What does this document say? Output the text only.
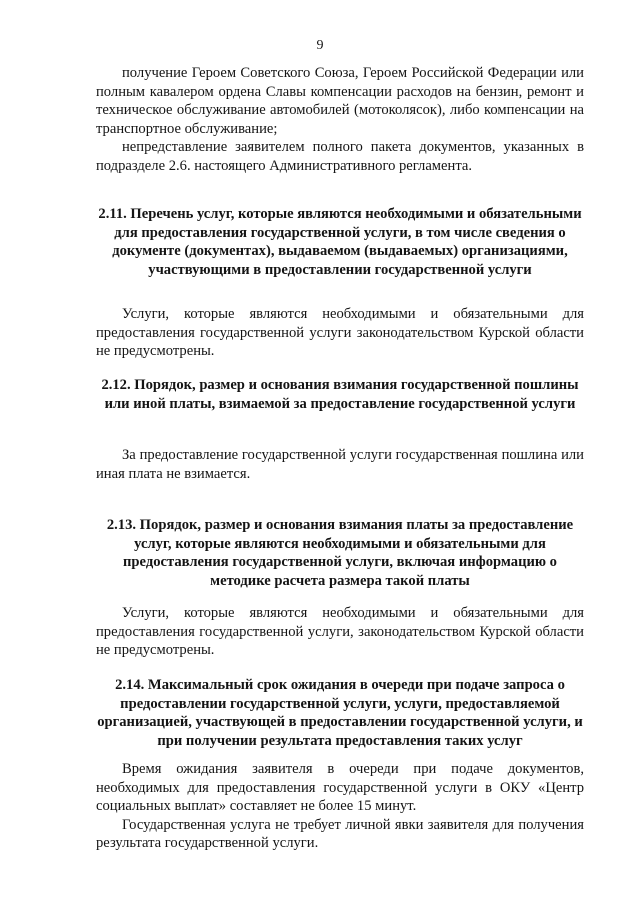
9

получение Героем Советского Союза, Героем Российской Федерации или полным кавалером ордена Славы компенсации расходов на бензин, ремонт и техническое обслуживание автомобилей (мотоколясок), либо компенсации на транспортное обслуживание;

непредставление заявителем полного пакета документов, указанных в подразделе 2.6. настоящего Административного регламента.

2.11. Перечень услуг, которые являются необходимыми и обязательными для предоставления государственной услуги, в том числе сведения о документе (документах), выдаваемом (выдаваемых) организациями, участвующими в предоставлении государственной услуги

Услуги, которые являются необходимыми и обязательными для предоставления государственной услуги законодательством Курской области не предусмотрены.

2.12. Порядок, размер и основания взимания государственной пошлины или иной платы, взимаемой за предоставление государственной услуги

За предоставление государственной услуги государственная пошлина или иная плата не взимается.

2.13. Порядок, размер и основания взимания платы за предоставление услуг, которые являются необходимыми и обязательными для предоставления государственной услуги, включая информацию о методике расчета размера такой платы

Услуги, которые являются необходимыми и обязательными для предоставления государственной услуги, законодательством Курской области не предусмотрены.

2.14. Максимальный срок ожидания в очереди при подаче запроса о предоставлении государственной услуги, услуги, предоставляемой организацией, участвующей в предоставлении государственной услуги, и при получении результата предоставления таких услуг

Время ожидания заявителя в очереди при подаче документов, необходимых для предоставления государственной услуги в ОКУ «Центр социальных выплат» составляет не более 15 минут.

Государственная услуга не требует личной явки заявителя для получения результата государственной услуги.
